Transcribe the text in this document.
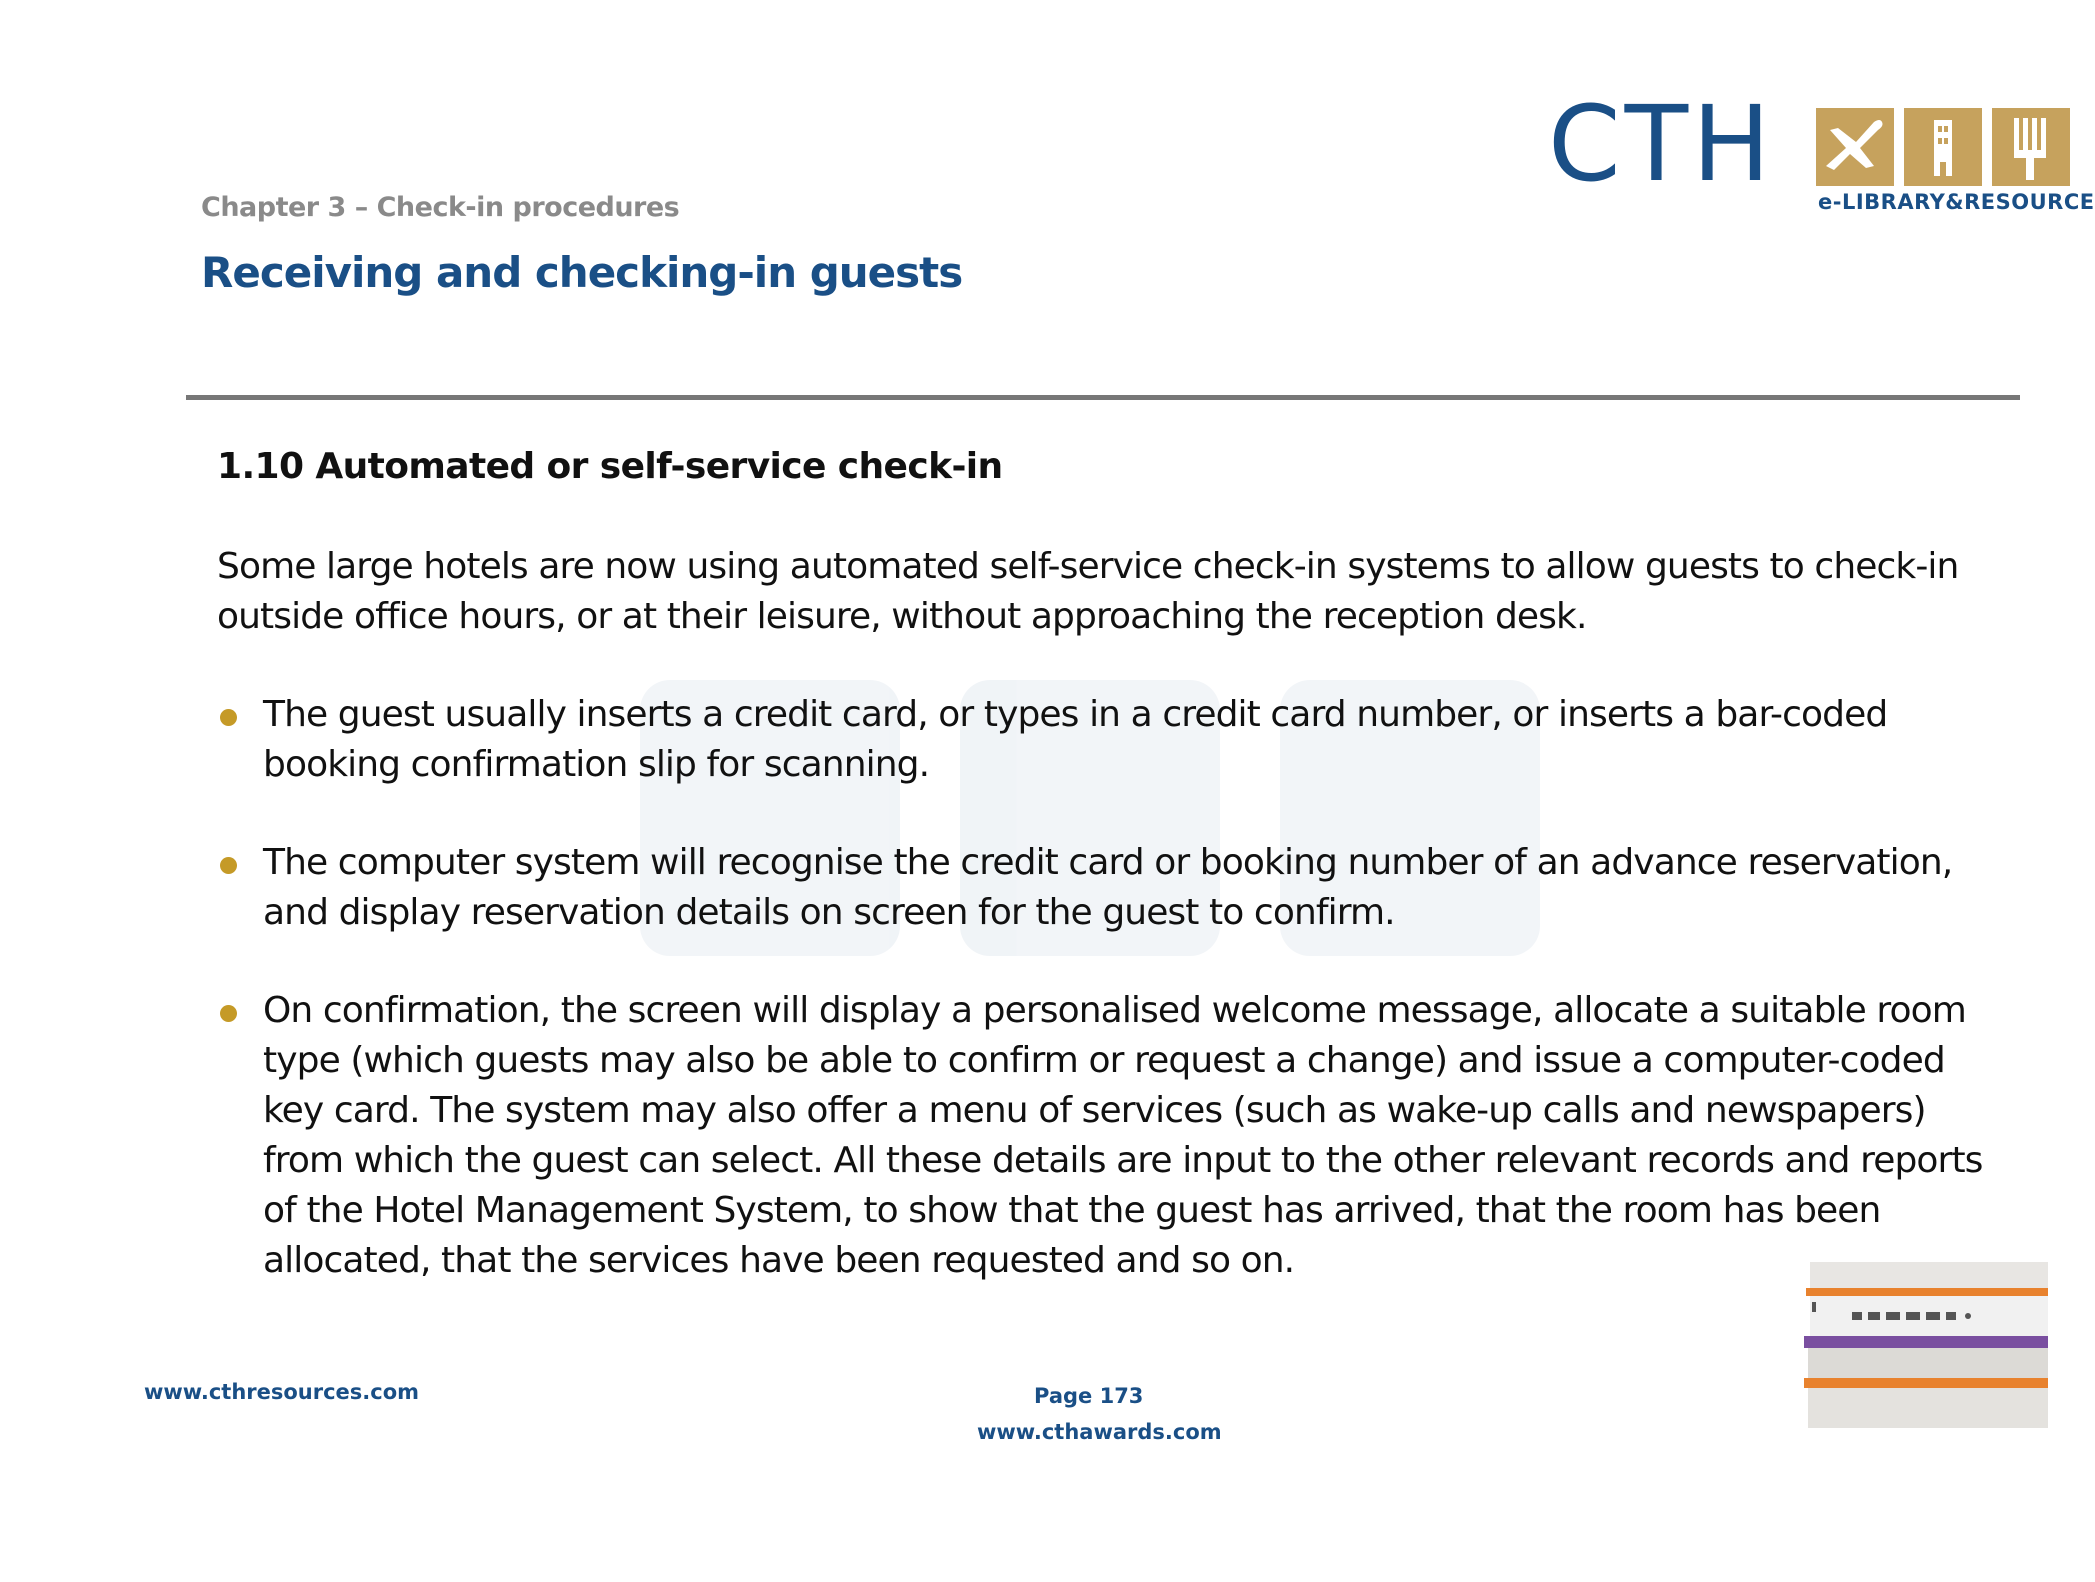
Chapter 3 – Check-in procedures
Receiving and checking-in guests
CTH e-LIBRARY&RESOURCE
1.10 Automated or self-service check-in

Some large hotels are now using automated self-service check-in systems to allow guests to check-in outside office hours, or at their leisure, without approaching the reception desk.

The guest usually inserts a credit card, or types in a credit card number, or inserts a bar-coded booking confirmation slip for scanning.
The computer system will recognise the credit card or booking number of an advance reservation, and display reservation details on screen for the guest to confirm.
On confirmation, the screen will display a personalised welcome message, allocate a suitable room type (which guests may also be able to confirm or request a change) and issue a computer-coded key card. The system may also offer a menu of services (such as wake-up calls and newspapers) from which the guest can select. All these details are input to the other relevant records and reports of the Hotel Management System, to show that the guest has arrived, that the room has been allocated, that the services have been requested and so on.
www.cthresources.com	Page 173
www.cthawards.com
